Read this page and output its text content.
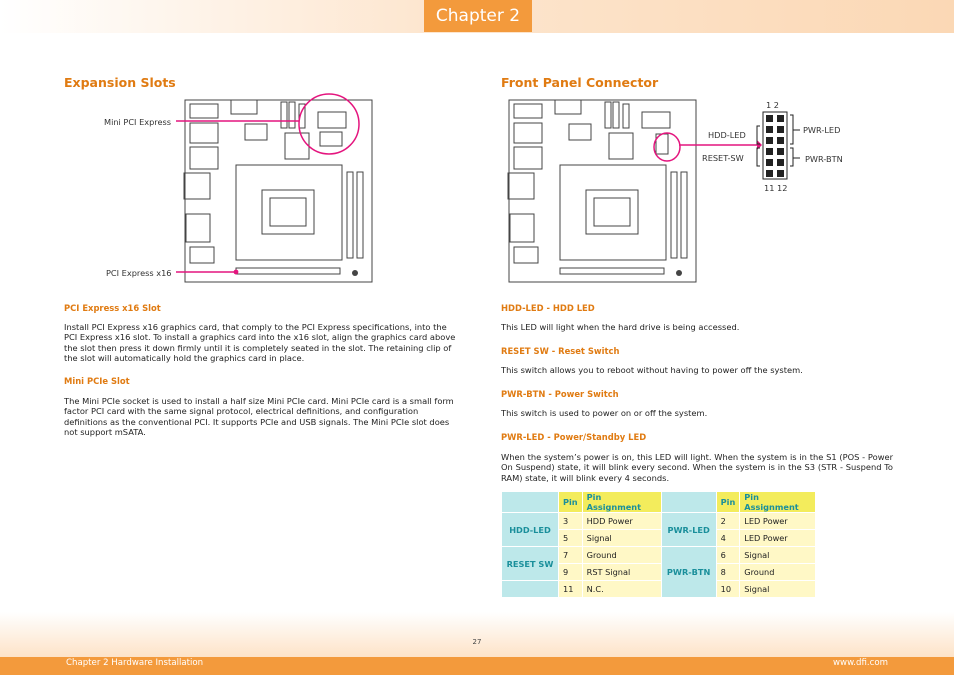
Chapter 2
Expansion Slots
Mini PCI Express
PCI Express x16
PCI Express x16 Slot
Install PCI Express x16 graphics card, that comply to the PCI Express specifications, into the PCI Express x16 slot. To install a graphics card into the x16 slot, align the graphics card above the slot then press it down firmly until it is completely seated in the slot. The retaining clip of the slot will automatically hold the graphics card in place.
Mini PCIe Slot
The Mini PCIe socket is used to install a half size Mini PCIe card. Mini PCIe card is a small form factor PCI card with the same signal protocol, electrical definitions, and configuration definitions as the conventional PCI. It supports PCIe and USB signals. The Mini PCIe slot does not support mSATA.
Front Panel Connector
1 2
11 12
HDD-LED
RESET-SW
PWR-LED
PWR-BTN
HDD-LED - HDD LED
This LED will light when the hard drive is being accessed.
RESET SW - Reset Switch
This switch allows you to reboot without having to power off the system.
PWR-BTN - Power Switch
This switch is used to power on or off the system.
PWR-LED - Power/Standby LED
When the system’s power is on, this LED will light. When the system is in the S1 (POS - Power On Suspend) state, it will blink every second. When the system is in the S3 (STR - Suspend To RAM) state, it will blink every 4 seconds.
	Pin	Pin Assignment		Pin	Pin Assignment
HDD-LED	3	HDD Power	PWR-LED	2	LED Power
	5	Signal		4	LED Power
RESET SW	7	Ground	PWR-BTN	6	Signal
	9	RST Signal		8	Ground
	11	N.C.		10	Signal
27
Chapter 2 Hardware Installation	www.dfi.com
